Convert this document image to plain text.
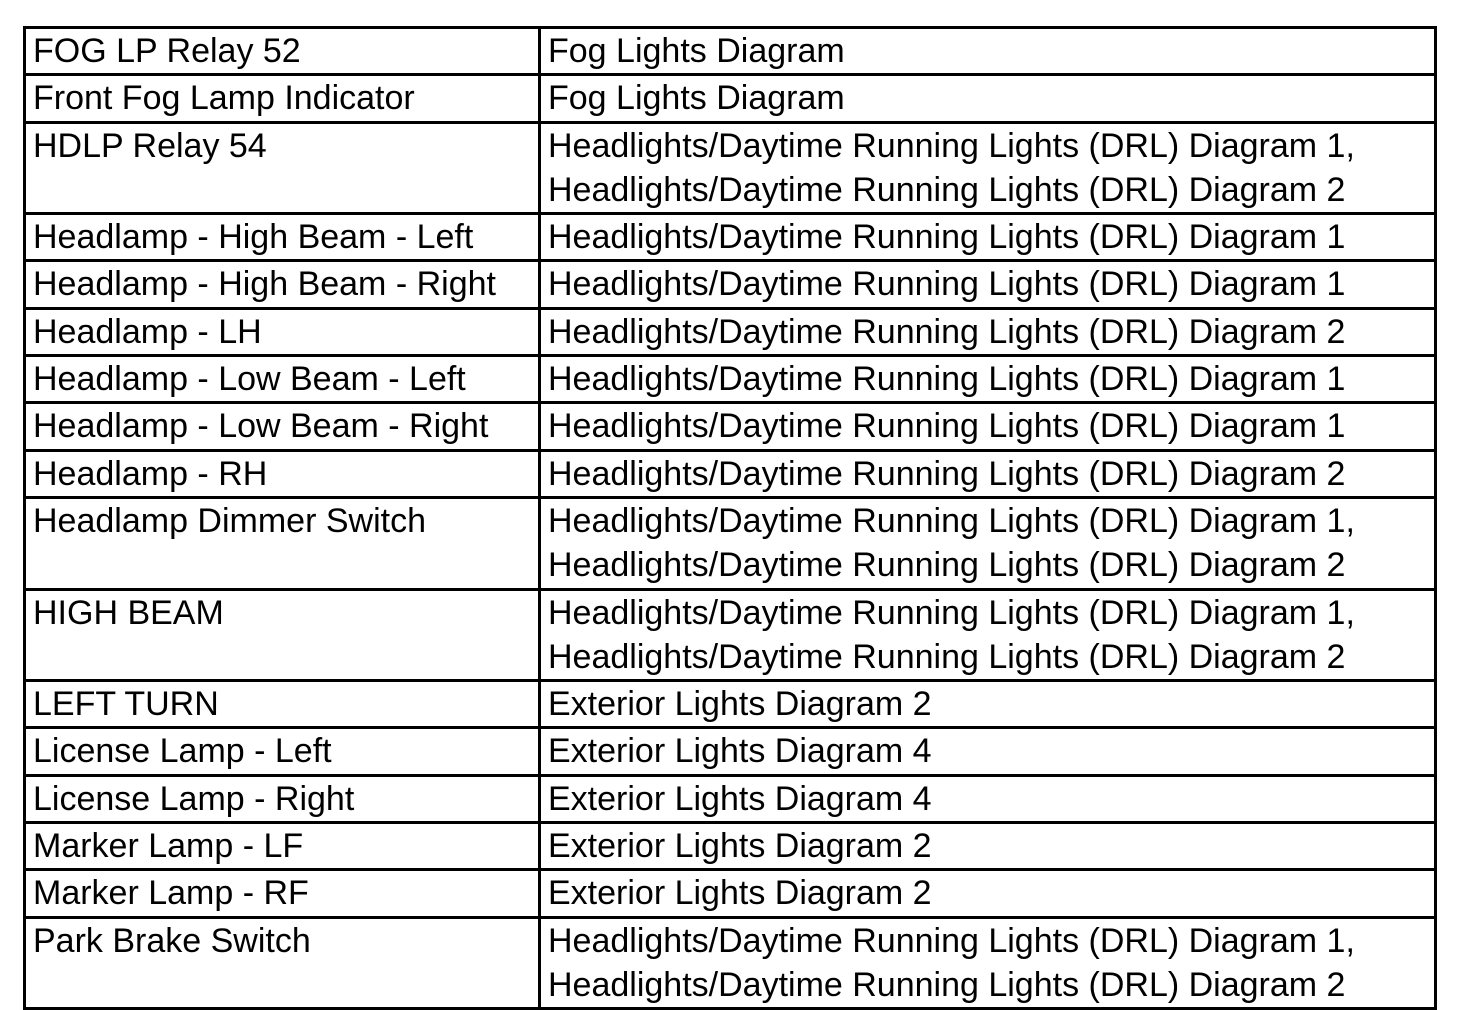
FOG LP Relay 52	Fog Lights Diagram

Front Fog Lamp Indicator	Fog Lights Diagram

HDLP Relay 54	Headlights/Daytime Running Lights (DRL) Diagram 1,
Headlights/Daytime Running Lights (DRL) Diagram 2

Headlamp - High Beam - Left	Headlights/Daytime Running Lights (DRL) Diagram 1

Headlamp - High Beam - Right	Headlights/Daytime Running Lights (DRL) Diagram 1

Headlamp - LH	Headlights/Daytime Running Lights (DRL) Diagram 2

Headlamp - Low Beam - Left	Headlights/Daytime Running Lights (DRL) Diagram 1

Headlamp - Low Beam - Right	Headlights/Daytime Running Lights (DRL) Diagram 1

Headlamp - RH	Headlights/Daytime Running Lights (DRL) Diagram 2

Headlamp Dimmer Switch	Headlights/Daytime Running Lights (DRL) Diagram 1,
Headlights/Daytime Running Lights (DRL) Diagram 2

HIGH BEAM	Headlights/Daytime Running Lights (DRL) Diagram 1,
Headlights/Daytime Running Lights (DRL) Diagram 2

LEFT TURN	Exterior Lights Diagram 2

License Lamp - Left	Exterior Lights Diagram 4

License Lamp - Right	Exterior Lights Diagram 4

Marker Lamp - LF	Exterior Lights Diagram 2

Marker Lamp - RF	Exterior Lights Diagram 2

Park Brake Switch	Headlights/Daytime Running Lights (DRL) Diagram 1,
Headlights/Daytime Running Lights (DRL) Diagram 2
